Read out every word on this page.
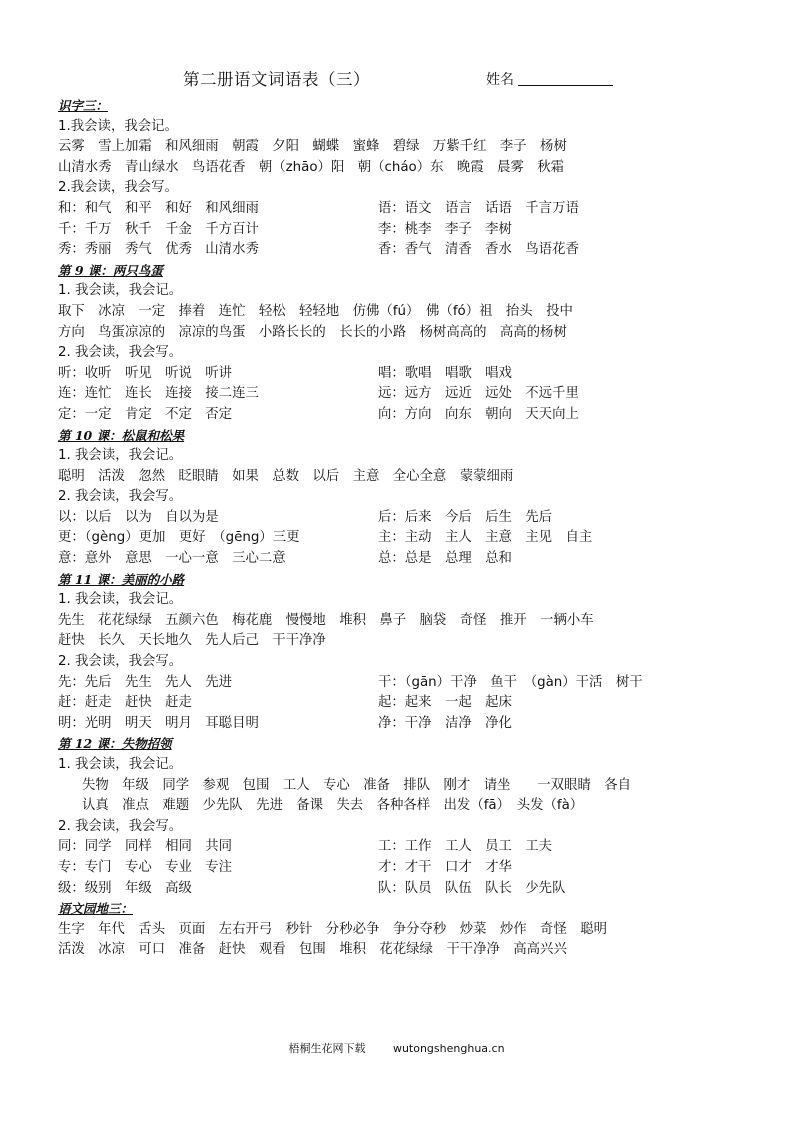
第二册语文词语表（三）	姓名
识字三：
1.我会读，我会记。
云雾　雪上加霜　和风细雨　朝霞　夕阳　蝴蝶　蜜蜂　碧绿　万紫千红　李子　杨树
山清水秀　青山绿水　鸟语花香　朝（zhāo）阳　朝（cháo）东　晚霞　晨雾　秋霜
2.我会读，我会写。
和：和气　和平　和好　和风细雨	语：语文　语言　话语　千言万语
千：千万　秋千　千金　千方百计	李：桃李　李子　李树
秀：秀丽　秀气　优秀　山清水秀	香：香气　清香　香水　鸟语花香
第 9 课：两只鸟蛋
1. 我会读，我会记。
取下　冰凉　一定　捧着　连忙　轻松　轻轻地　仿佛（fú）　佛（fó）祖　抬头　投中
方向　鸟蛋凉凉的　凉凉的鸟蛋　小路长长的　长长的小路　杨树高高的　高高的杨树
2. 我会读，我会写。
听：收听　听见　听说　听讲	唱：歌唱　唱歌　唱戏
连：连忙　连长　连接　接二连三	远：远方　远近　远处　不远千里
定：一定　肯定　不定　否定	向：方向　向东　朝向　天天向上
第 10 课：松鼠和松果
1. 我会读，我会记。
聪明　活泼　忽然　眨眼睛　如果　总数　以后　主意　全心全意　蒙蒙细雨
2. 我会读，我会写。
以：以后　以为　自以为是	后：后来　今后　后生　先后
更：（gèng）更加　更好　（gēng）三更	主：主动　主人　主意　主见　自主
意：意外　意思　一心一意　三心二意	总：总是　总理　总和
第 11 课：美丽的小路
1. 我会读，我会记。
先生　花花绿绿　五颜六色　梅花鹿　慢慢地　堆积　鼻子　脑袋　奇怪　推开　一辆小车
赶快　长久　天长地久　先人后己　干干净净
2. 我会读，我会写。
先：先后　先生　先人　先进	干：（gān）干净　鱼干　（gàn）干活　树干
赶：赶走　赶快　赶走	起：起来　一起　起床
明：光明　明天　明月　耳聪目明	净：干净　洁净　净化
第 12 课：失物招领
1. 我会读，我会记。
失物　年级　同学　参观　包围　工人　专心　准备　排队　刚才　请坐　　一双眼睛　各自
认真　准点　难题　少先队　先进　备课　失去　各种各样　出发（fā）　头发（fà）
2. 我会读，我会写。
同：同学　同样　相同　共同	工：工作　工人　员工　工夫
专：专门　专心　专业　专注	才：才干　口才　才华
级：级别　年级　高级	队：队员　队伍　队长　少先队
语文园地三：
生字　年代　舌头　页面　左右开弓　秒针　分秒必争　争分夺秒　炒菜　炒作　奇怪　聪明
活泼　冰凉　可口　准备　赶快　观看　包围　堆积　花花绿绿　干干净净　高高兴兴
梧桐生花网下载	wutongshenghua.cn
